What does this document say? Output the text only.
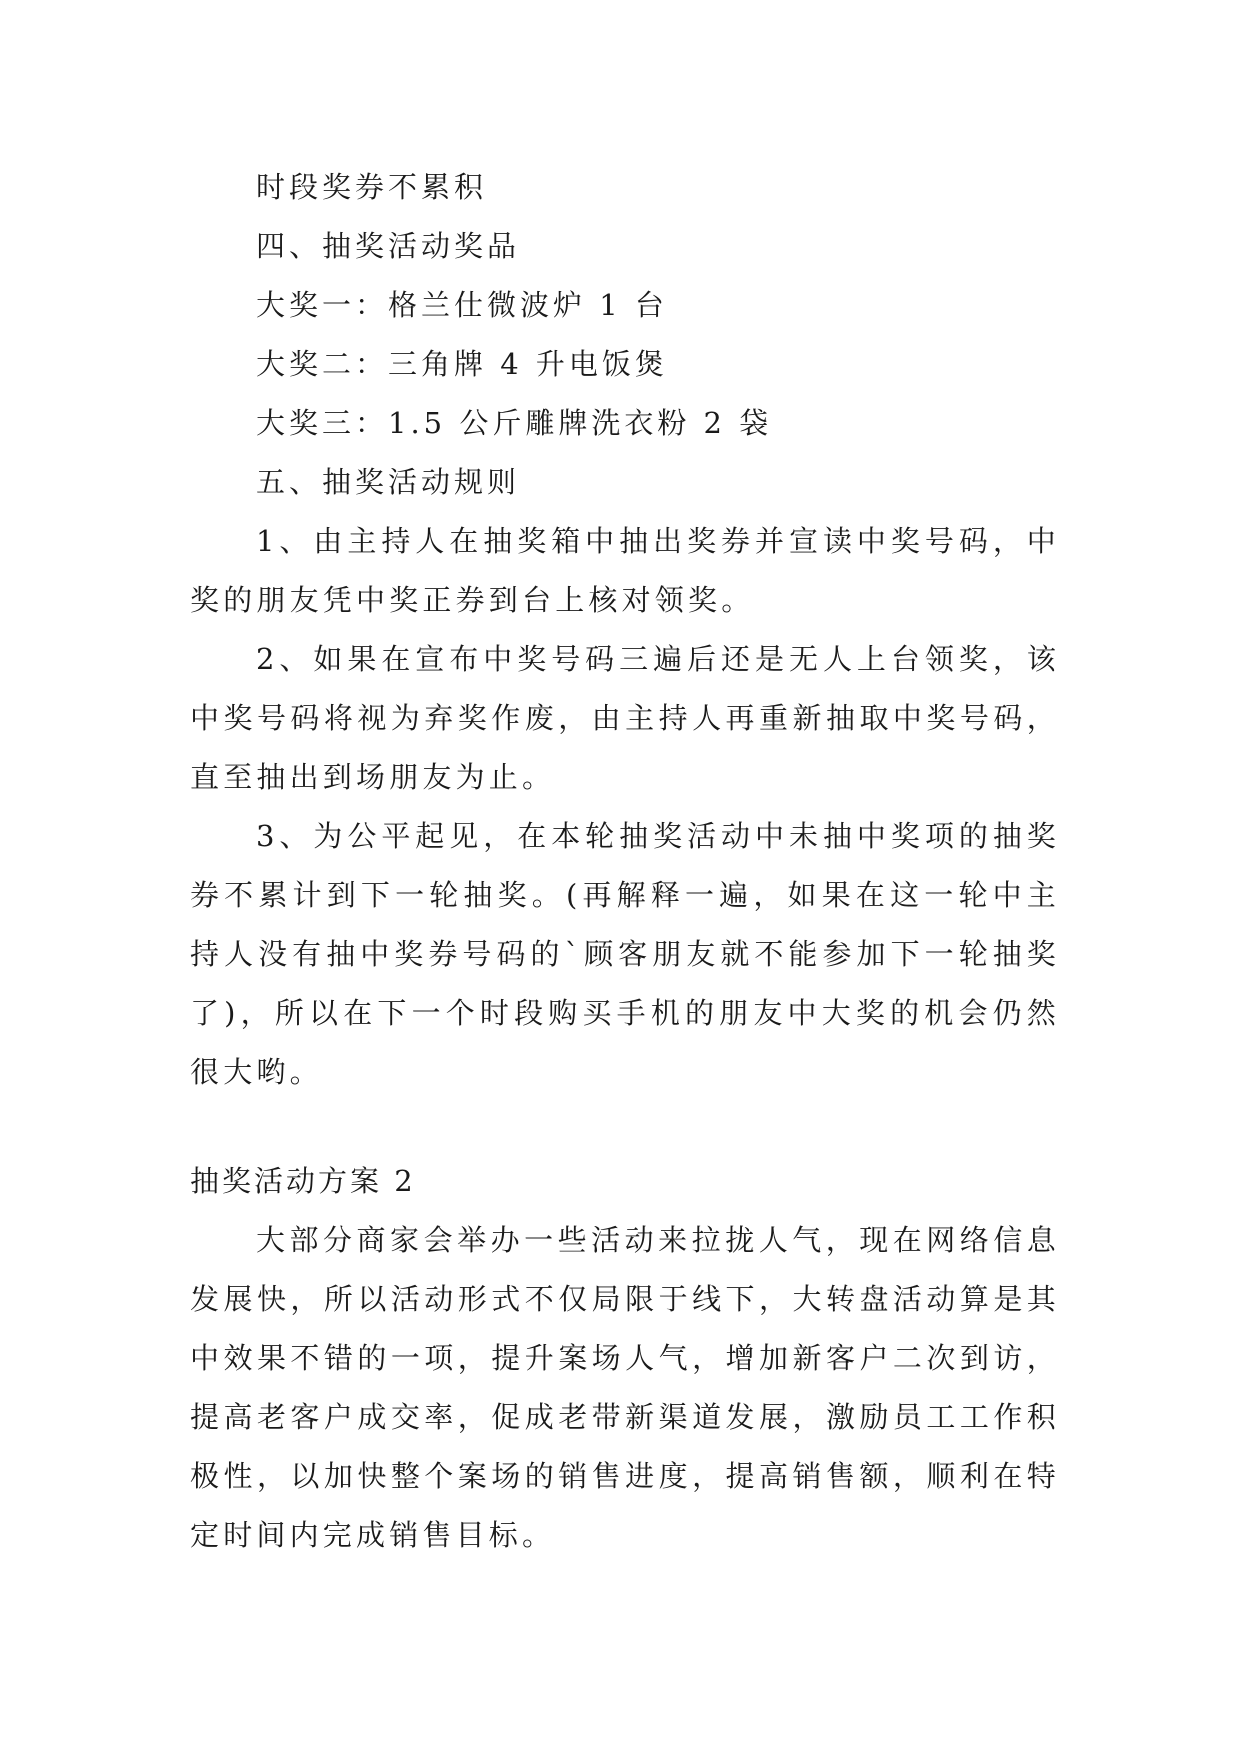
时段奖券不累积
四、抽奖活动奖品
大奖一：格兰仕微波炉 1 台
大奖二：三角牌 4 升电饭煲
大奖三：1.5 公斤雕牌洗衣粉 2 袋
五、抽奖活动规则

1、由主持人在抽奖箱中抽出奖券并宣读中奖号码，中奖的朋友凭中奖正券到台上核对领奖。

2、如果在宣布中奖号码三遍后还是无人上台领奖，该中奖号码将视为弃奖作废，由主持人再重新抽取中奖号码，直至抽出到场朋友为止。

3、为公平起见，在本轮抽奖活动中未抽中奖项的抽奖券不累计到下一轮抽奖。(再解释一遍，如果在这一轮中主持人没有抽中奖券号码的`顾客朋友就不能参加下一轮抽奖了)，所以在下一个时段购买手机的朋友中大奖的机会仍然很大哟。

抽奖活动方案 2

大部分商家会举办一些活动来拉拢人气，现在网络信息发展快，所以活动形式不仅局限于线下，大转盘活动算是其中效果不错的一项，提升案场人气，增加新客户二次到访，提高老客户成交率，促成老带新渠道发展，激励员工工作积极性，以加快整个案场的销售进度，提高销售额，顺利在特定时间内完成销售目标。
